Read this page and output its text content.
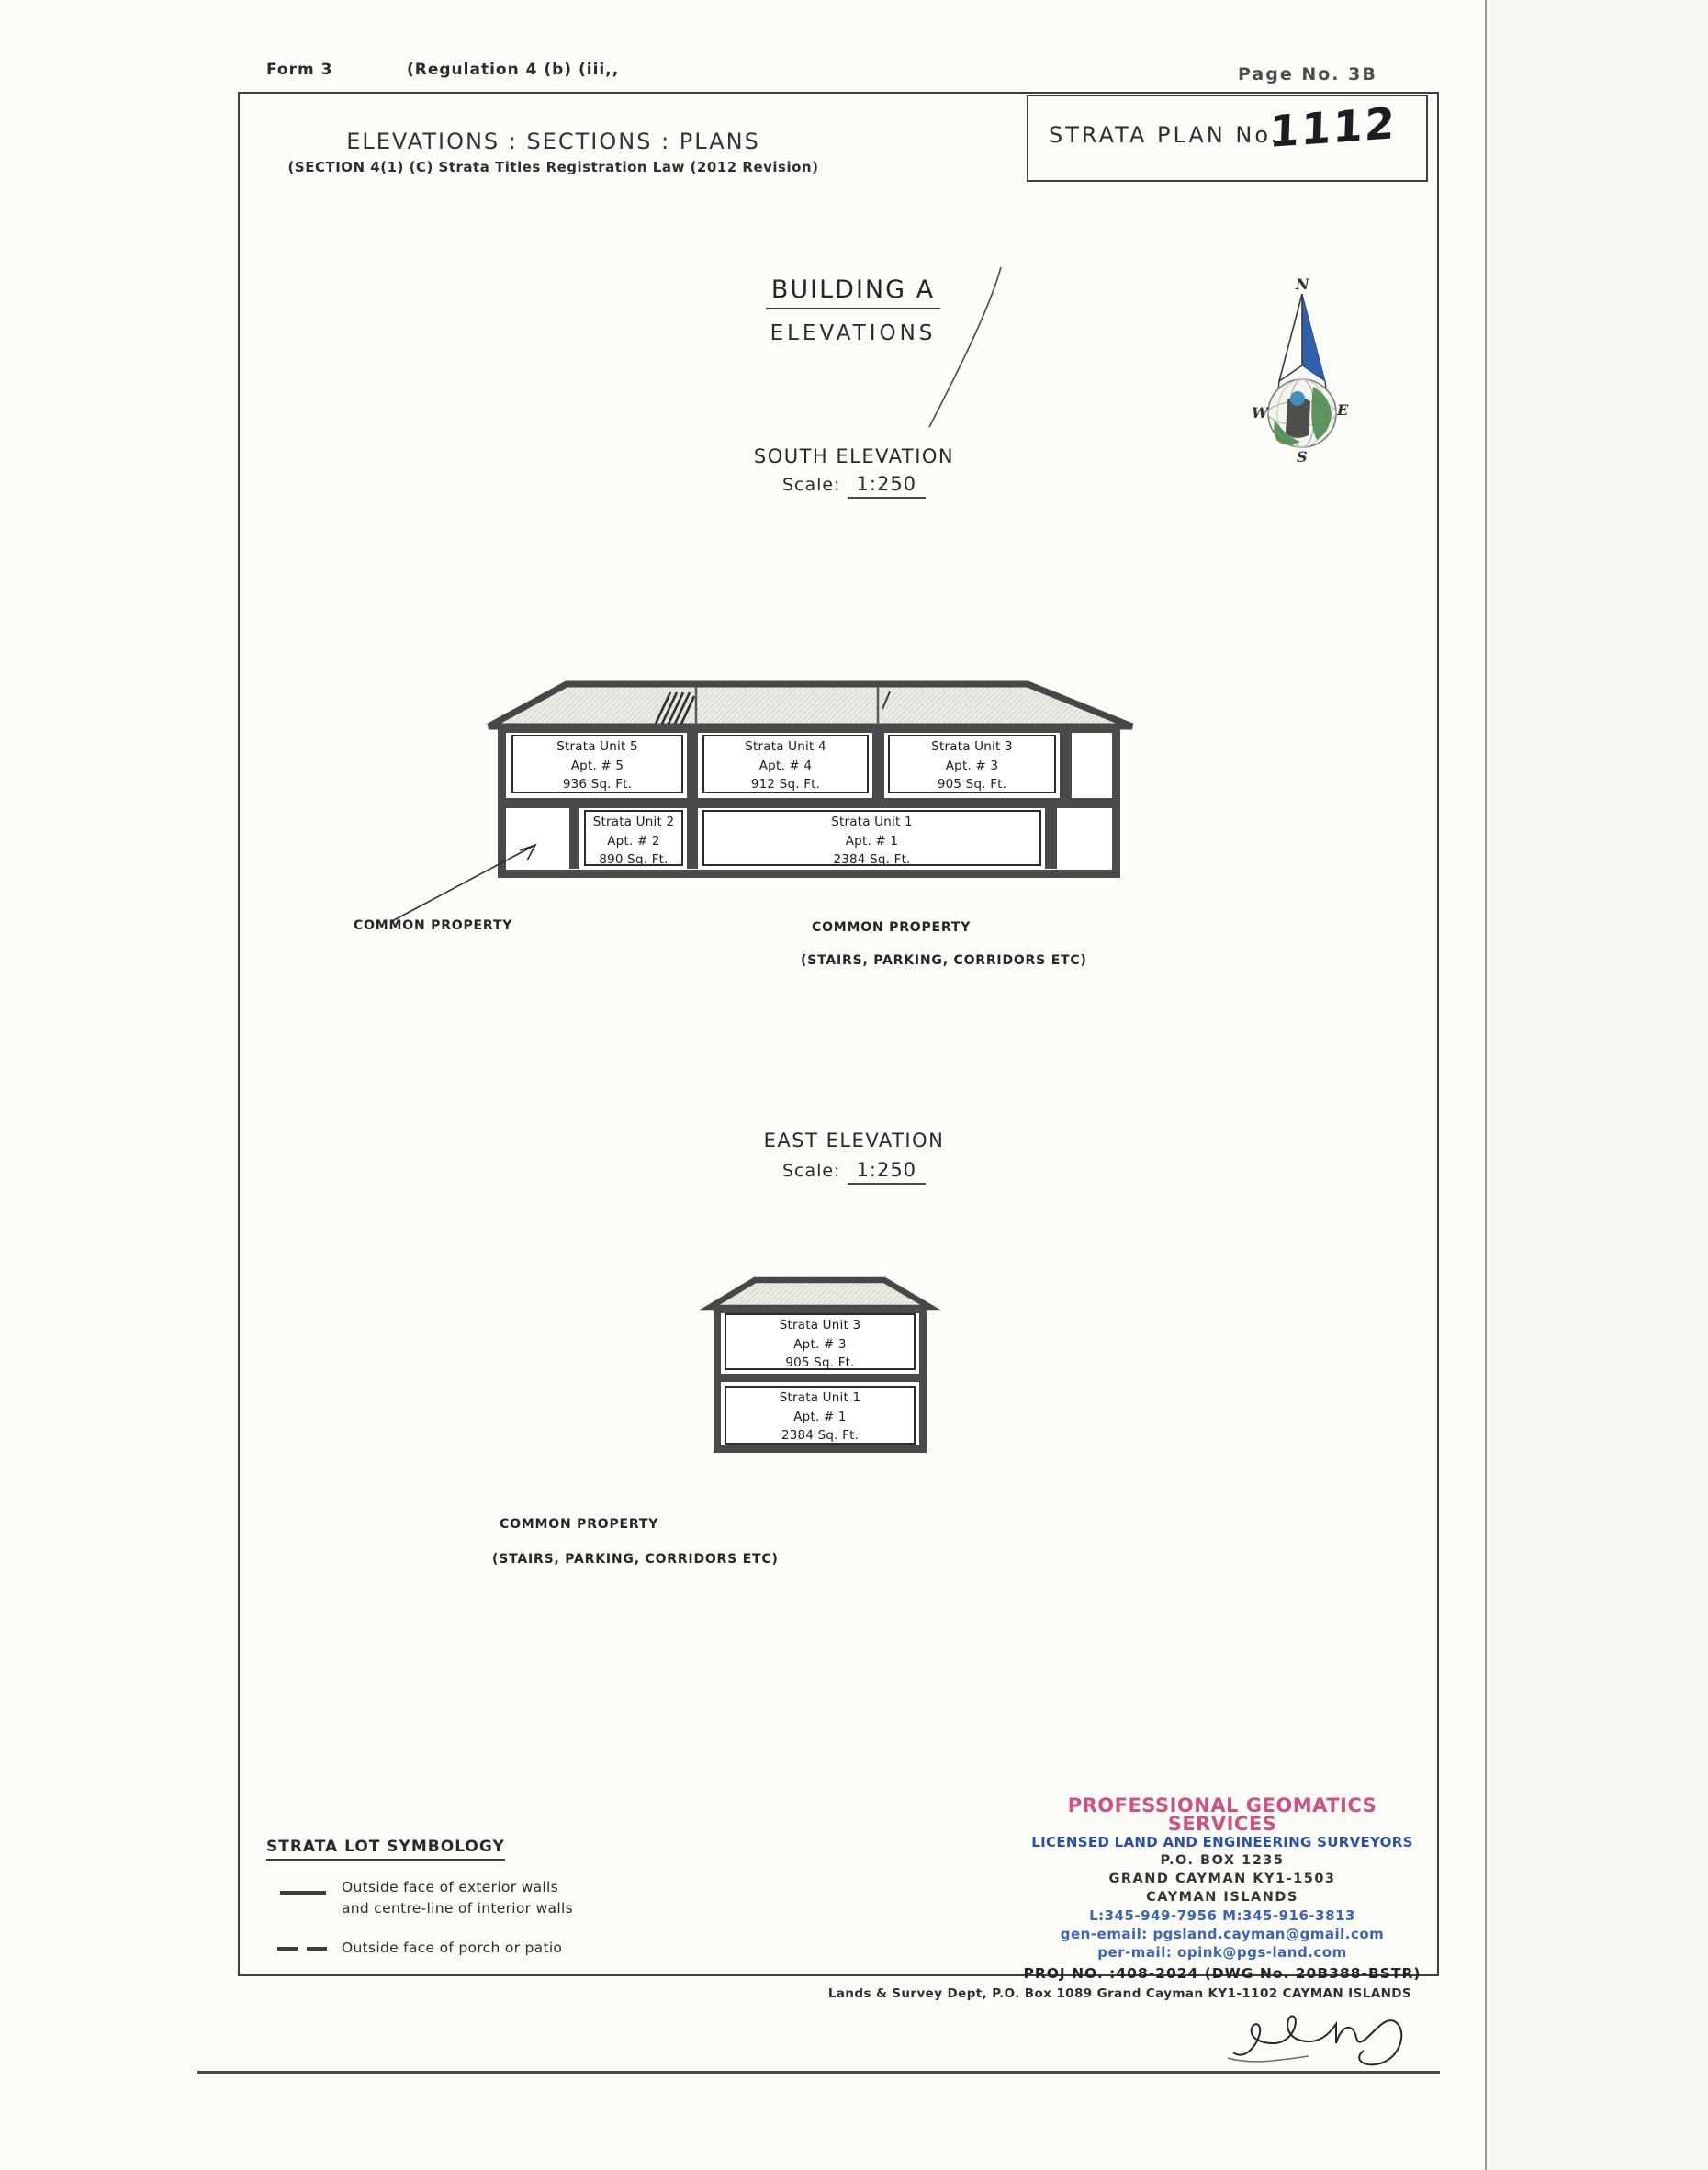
Form 3	(Regulation 4 (b) (iii,,	Page No. 3B
STRATA PLAN No.
1112
ELEVATIONS : SECTIONS : PLANS
(SECTION 4(1) (C) Strata Titles Registration Law (2012 Revision)
BUILDING A
ELEVATIONS
N
W	E
S
SOUTH ELEVATION
Scale: 1:250
Strata Unit 5
Apt. # 5
936 Sq. Ft.
Strata Unit 4
Apt. # 4
912 Sq. Ft.
Strata Unit 3
Apt. # 3
905 Sq. Ft.
Strata Unit 2
Apt. # 2
890 Sq. Ft.
Strata Unit 1
Apt. # 1
2384 Sq. Ft.
COMMON PROPERTY	COMMON PROPERTY
(STAIRS, PARKING, CORRIDORS ETC)
EAST ELEVATION
Scale: 1:250
Strata Unit 3
Apt. # 3
905 Sq. Ft.
Strata Unit 1
Apt. # 1
2384 Sq. Ft.
COMMON PROPERTY
(STAIRS, PARKING, CORRIDORS ETC)
STRATA LOT SYMBOLOGY
Outside face of exterior walls
and centre-line of interior walls
Outside face of porch or patio
PROFESSIONAL GEOMATICS SERVICES
LICENSED LAND AND ENGINEERING SURVEYORS
P.O. BOX 1235
GRAND CAYMAN KY1-1503
CAYMAN ISLANDS
L:345-949-7956 M:345-916-3813
gen-email: pgsland.cayman@gmail.com
per-mail: opink@pgs-land.com
PROJ NO. :408-2024 (DWG No. 20B388-BSTR)
Lands & Survey Dept, P.O. Box 1089 Grand Cayman KY1-1102 CAYMAN ISLANDS
